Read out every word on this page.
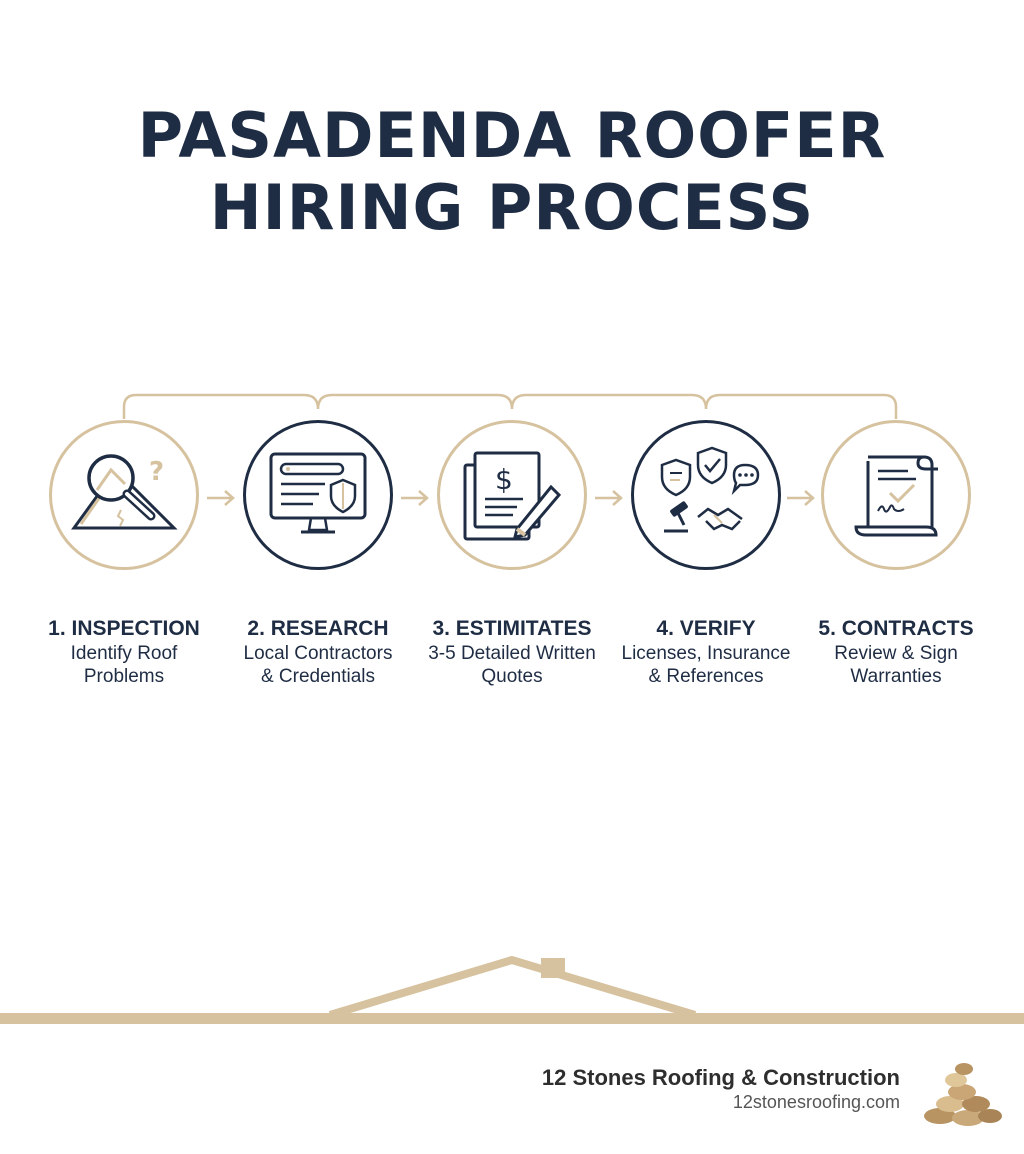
PASADENDA ROOFER
HIRING PROCESS
?
1. INSPECTION
Identify Roof
Problems
2. RESEARCH
Local Contractors
& Credentials
$
3. ESTIMITATES
3-5 Detailed Written
Quotes
4. VERIFY
Licenses, Insurance
& References
5. CONTRACTS
Review & Sign
Warranties
12 Stones Roofing & Construction
12stonesroofing.com
